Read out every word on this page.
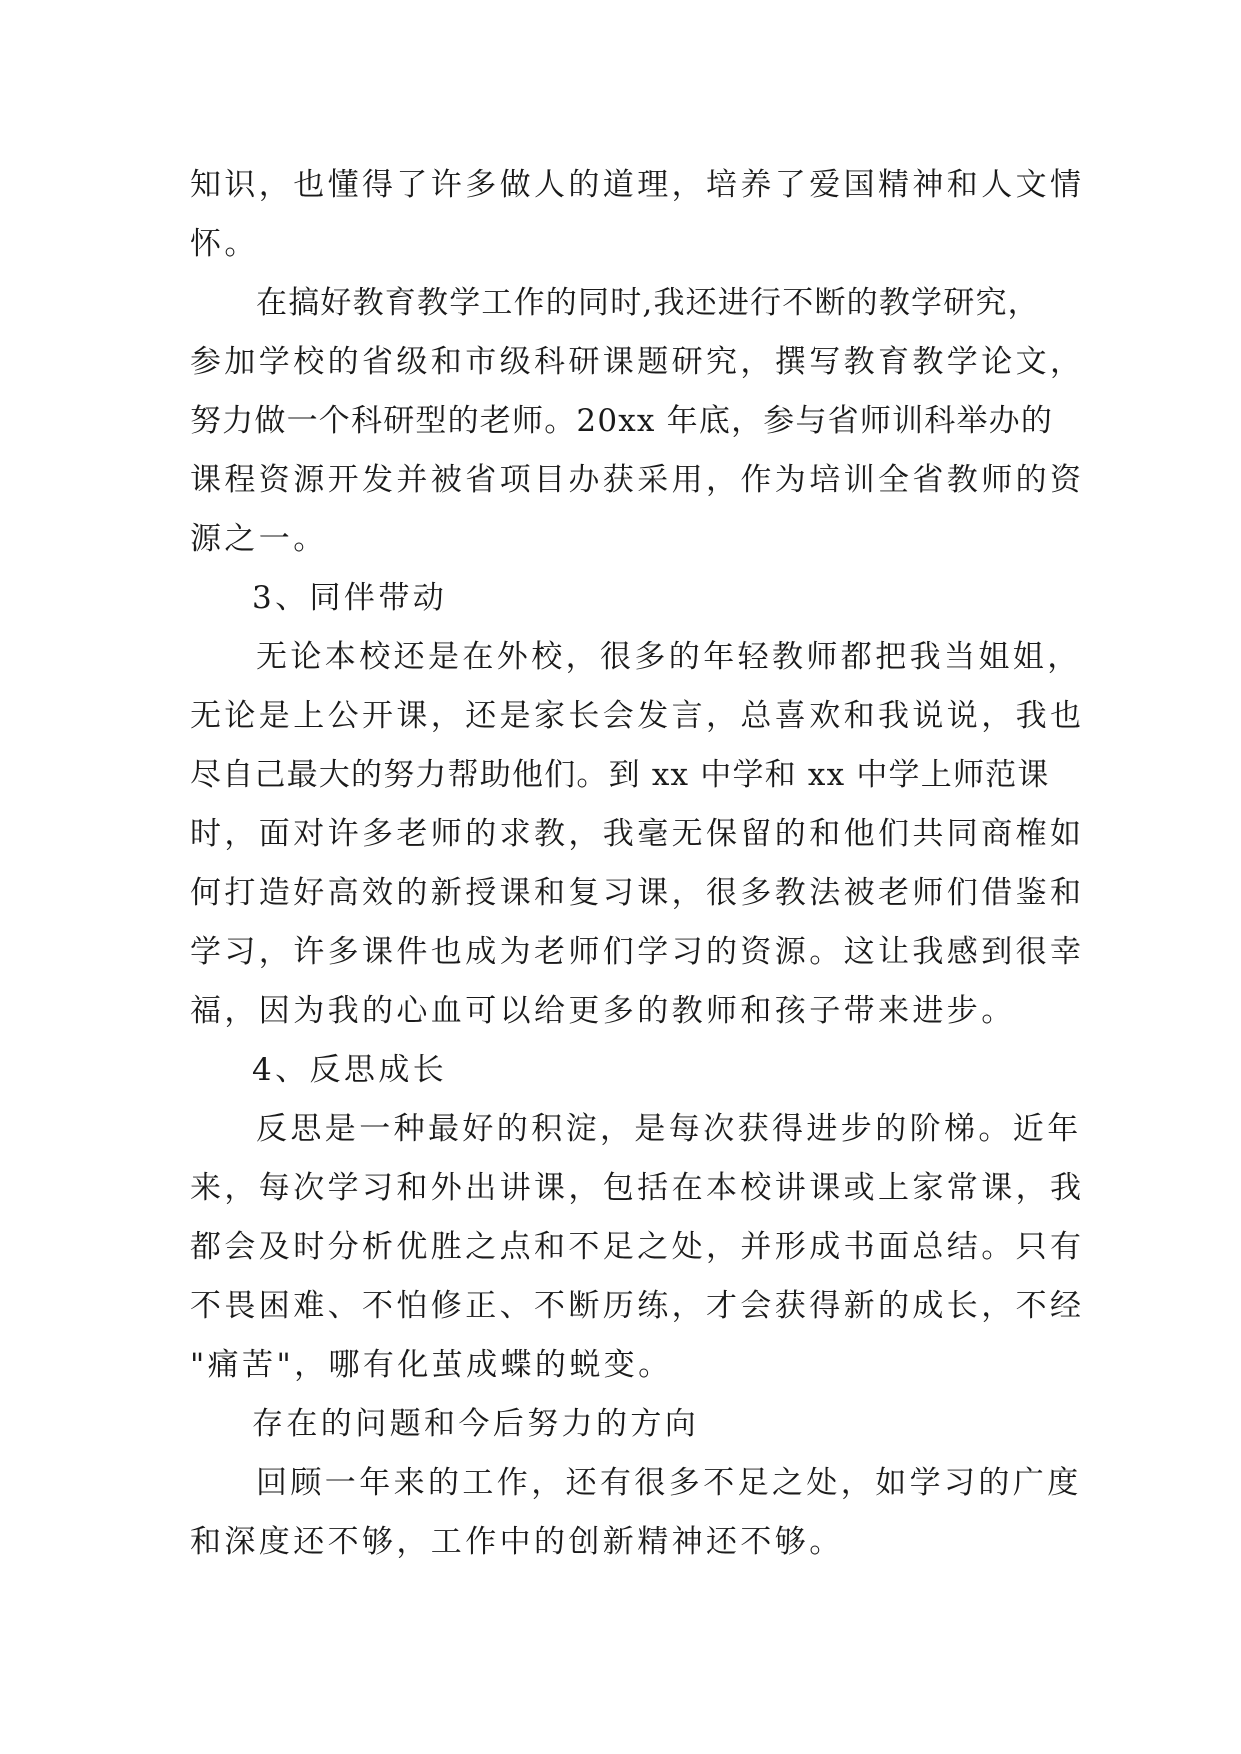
知识，也懂得了许多做人的道理，培养了爱国精神和人文情
怀。
在搞好教育教学工作的同时,我还进行不断的教学研究，
参加学校的省级和市级科研课题研究，撰写教育教学论文，
努力做一个科研型的老师。20xx 年底，参与省师训科举办的
课程资源开发并被省项目办获采用，作为培训全省教师的资
源之一。
3、同伴带动
无论本校还是在外校，很多的年轻教师都把我当姐姐，
无论是上公开课，还是家长会发言，总喜欢和我说说，我也
尽自己最大的努力帮助他们。到 xx 中学和 xx 中学上师范课
时，面对许多老师的求教，我毫无保留的和他们共同商榷如
何打造好高效的新授课和复习课，很多教法被老师们借鉴和
学习，许多课件也成为老师们学习的资源。这让我感到很幸
福，因为我的心血可以给更多的教师和孩子带来进步。
4、反思成长
反思是一种最好的积淀，是每次获得进步的阶梯。近年
来，每次学习和外出讲课，包括在本校讲课或上家常课，我
都会及时分析优胜之点和不足之处，并形成书面总结。只有
不畏困难、不怕修正、不断历练，才会获得新的成长，不经
"痛苦"，哪有化茧成蝶的蜕变。
存在的问题和今后努力的方向
回顾一年来的工作，还有很多不足之处，如学习的广度
和深度还不够，工作中的创新精神还不够。
